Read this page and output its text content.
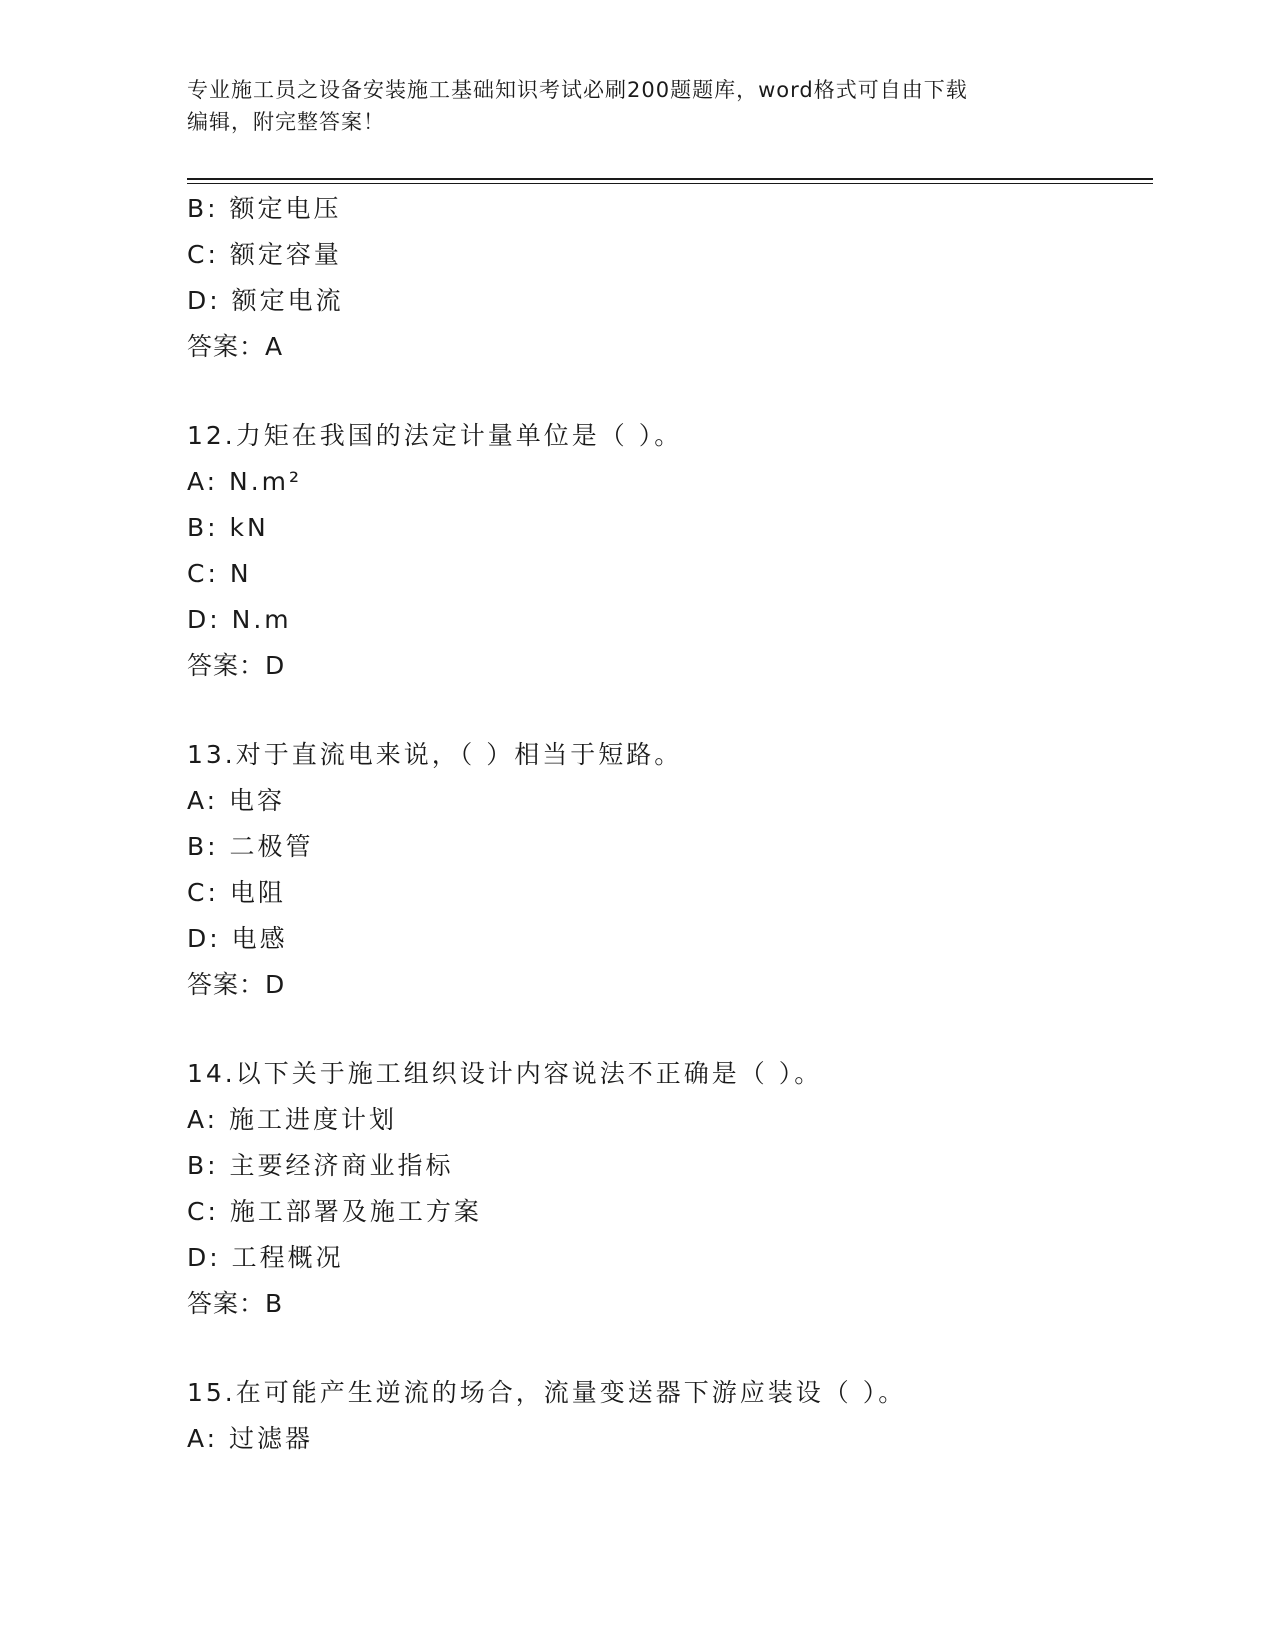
专业施工员之设备安装施工基础知识考试必刷200题题库，word格式可自由下载
编辑，附完整答案！
B: 额定电压
C: 额定容量
D: 额定电流
答案：A
12.力矩在我国的法定计量单位是（ ）。
A: N.m²
B: kN
C: N
D: N.m
答案：D
13.对于直流电来说，（ ）相当于短路。
A: 电容
B: 二极管
C: 电阻
D: 电感
答案：D
14.以下关于施工组织设计内容说法不正确是（ ）。
A: 施工进度计划
B: 主要经济商业指标
C: 施工部署及施工方案
D: 工程概况
答案：B
15.在可能产生逆流的场合，流量变送器下游应装设（ ）。
A: 过滤器
